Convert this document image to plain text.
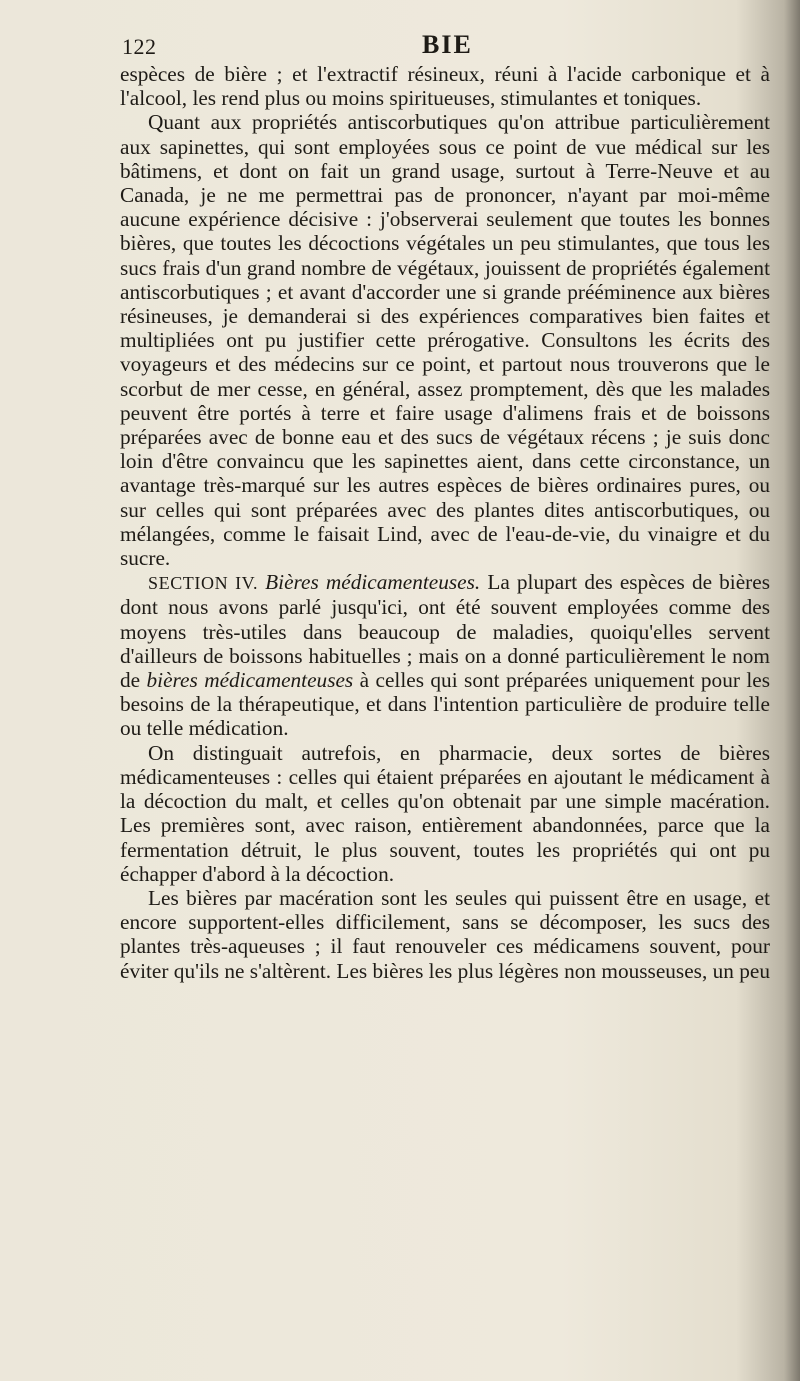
122	BIE

espèces de bière ; et l'extractif résineux, réuni à l'acide carbonique et à l'alcool, les rend plus ou moins spiritueuses, stimulantes et toniques.

Quant aux propriétés antiscorbutiques qu'on attribue particulièrement aux sapinettes, qui sont employées sous ce point de vue médical sur les bâtimens, et dont on fait un grand usage, surtout à Terre-Neuve et au Canada, je ne me permettrai pas de prononcer, n'ayant par moi-même aucune expérience décisive : j'observerai seulement que toutes les bonnes bières, que toutes les décoctions végétales un peu stimulantes, que tous les sucs frais d'un grand nombre de végétaux, jouissent de propriétés également antiscorbutiques ; et avant d'accorder une si grande prééminence aux bières résineuses, je demanderai si des expériences comparatives bien faites et multipliées ont pu justifier cette prérogative. Consultons les écrits des voyageurs et des médecins sur ce point, et partout nous trouverons que le scorbut de mer cesse, en général, assez promptement, dès que les malades peuvent être portés à terre et faire usage d'alimens frais et de boissons préparées avec de bonne eau et des sucs de végétaux récens ; je suis donc loin d'être convaincu que les sapinettes aient, dans cette circonstance, un avantage très-marqué sur les autres espèces de bières ordinaires pures, ou sur celles qui sont préparées avec des plantes dites antiscorbutiques, ou mélangées, comme le faisait Lind, avec de l'eau-de-vie, du vinaigre et du sucre.

SECTION IV. Bières médicamenteuses. La plupart des espèces de bières dont nous avons parlé jusqu'ici, ont été souvent employées comme des moyens très-utiles dans beaucoup de maladies, quoiqu'elles servent d'ailleurs de boissons habituelles ; mais on a donné particulièrement le nom de bières médicamenteuses à celles qui sont préparées uniquement pour les besoins de la thérapeutique, et dans l'intention particulière de produire telle ou telle médication.

On distinguait autrefois, en pharmacie, deux sortes de bières médicamenteuses : celles qui étaient préparées en ajoutant le médicament à la décoction du malt, et celles qu'on obtenait par une simple macération. Les premières sont, avec raison, entièrement abandonnées, parce que la fermentation détruit, le plus souvent, toutes les propriétés qui ont pu échapper d'abord à la décoction.

Les bières par macération sont les seules qui puissent être en usage, et encore supportent-elles difficilement, sans se décomposer, les sucs des plantes très-aqueuses ; il faut renouveler ces médicamens souvent, pour éviter qu'ils ne s'altèrent. Les bières les plus légères non mousseuses, un peu
